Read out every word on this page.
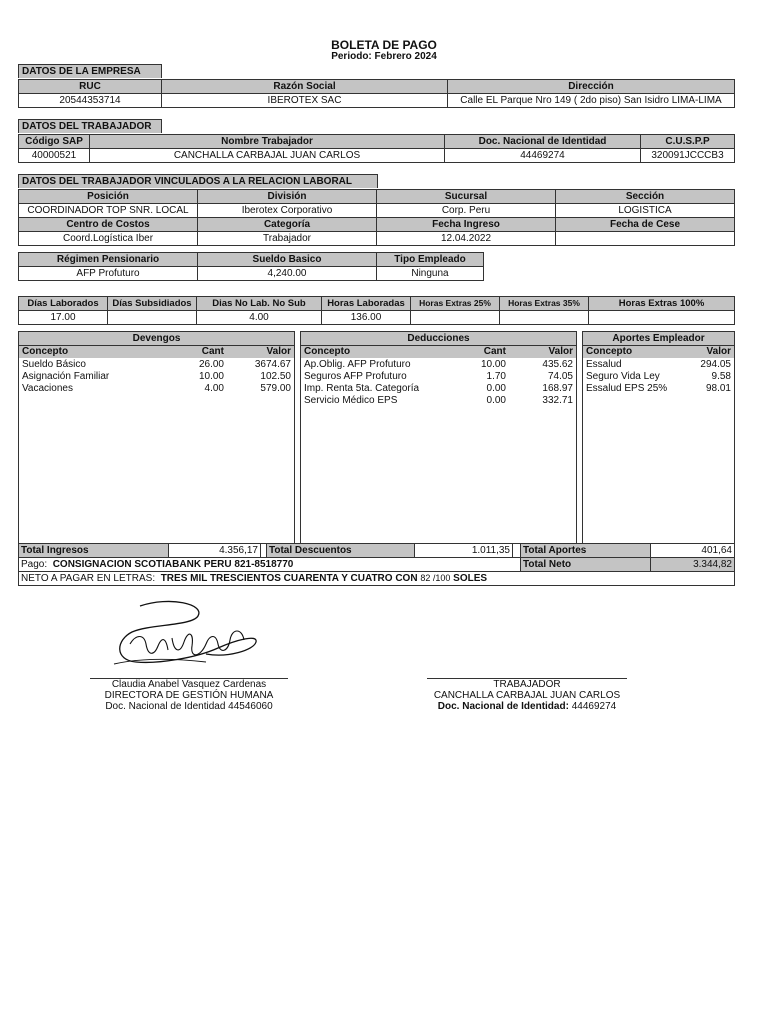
BOLETA DE PAGO
Periodo: Febrero 2024
DATOS DE LA EMPRESA
RUC	Razón Social	Dirección
20544353714	IBEROTEX SAC	Calle EL Parque Nro 149 ( 2do piso) San Isidro LIMA-LIMA
DATOS DEL TRABAJADOR
Código SAP	Nombre Trabajador	Doc. Nacional de Identidad	C.U.S.P.P
40000521	CANCHALLA CARBAJAL JUAN CARLOS	44469274	320091JCCCB3
DATOS DEL TRABAJADOR VINCULADOS A LA RELACION LABORAL
Posición	División	Sucursal	Sección
COORDINADOR TOP SNR. LOCAL	Iberotex Corporativo	Corp. Peru	LOGISTICA
Centro de Costos	Categoría	Fecha Ingreso	Fecha de Cese
Coord.Logística Iber	Trabajador	12.04.2022	
Régimen Pensionario	Sueldo Basico	Tipo Empleado
AFP Profuturo	4,240.00	Ninguna
Días Laborados	Días Subsidiados	Dias No Lab. No Sub	Horas Laboradas	Horas Extras 25%	Horas Extras 35%	Horas Extras 100%
17.00		4.00	136.00			
Devengos
Concepto	Cant	Valor
Sueldo Básico	26.00	3674.67
Asignación Familiar	10.00	102.50
Vacaciones	4.00	579.00
Deducciones
Concepto	Cant	Valor
Ap.Oblig. AFP Profuturo	10.00	435.62
Seguros AFP Profuturo	1.70	74.05
Imp. Renta 5ta. Categoría	0.00	168.97
Servicio Médico EPS	0.00	332.71
Aportes Empleador
Concepto	Valor
Essalud	294.05
Seguro Vida Ley	9.58
Essalud EPS 25%	98.01
Total Ingresos	4.356,17		Total Descuentos	1.011,35		Total Aportes	401,64
Pago: CONSIGNACION SCOTIABANK PERU 821-8518770						Total Neto	3.344,82
NETO A PAGAR EN LETRAS: TRES MIL TRESCIENTOS CUARENTA Y CUATRO CON 82 /100 SOLES							
Claudia Anabel Vasquez Cardenas
DIRECTORA DE GESTIÓN HUMANA
Doc. Nacional de Identidad 44546060
TRABAJADOR
CANCHALLA CARBAJAL JUAN CARLOS
Doc. Nacional de Identidad: 44469274
